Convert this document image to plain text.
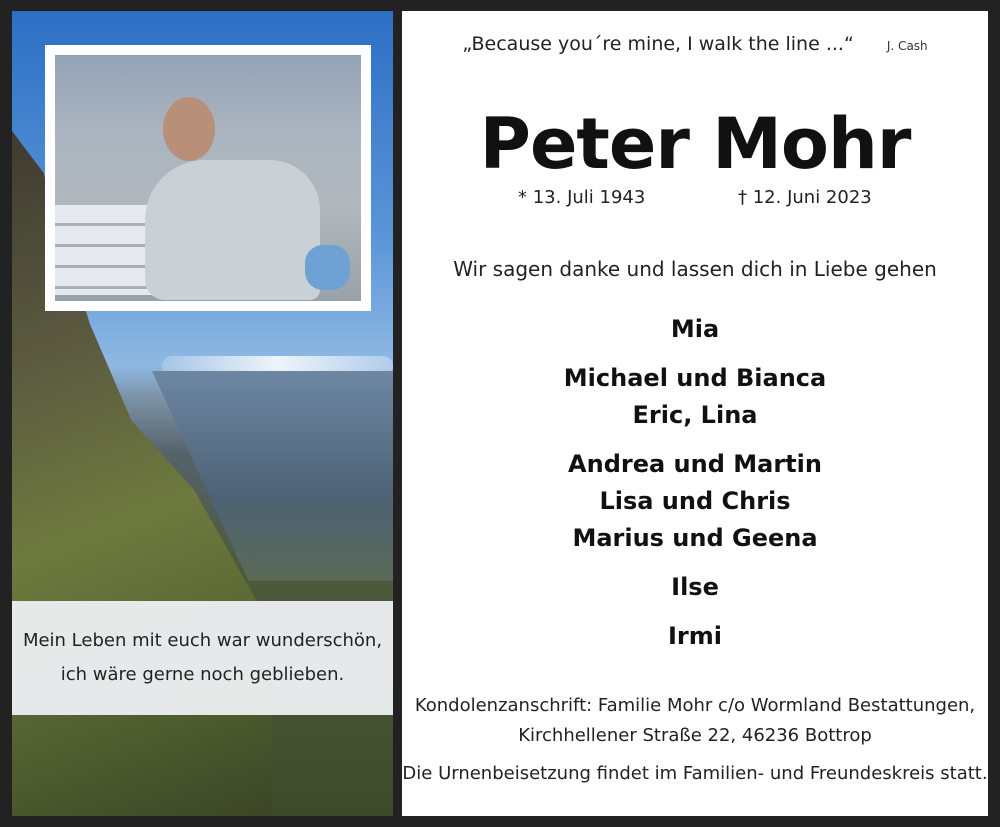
Mein Leben mit euch war wunderschön,
ich wäre gerne noch geblieben.
„Because you´re mine, I walk the line ...“	J. Cash
Peter Mohr
* 13. Juli 1943	† 12. Juni 2023
Wir sagen danke und lassen dich in Liebe gehen
Mia
Michael und Bianca
Eric, Lina
Andrea und Martin
Lisa und Chris
Marius und Geena
Ilse
Irmi
Kondolenzanschrift: Familie Mohr c/o Wormland Bestattungen,
Kirchhellener Straße 22, 46236 Bottrop
Die Urnenbeisetzung findet im Familien- und Freundeskreis statt.
